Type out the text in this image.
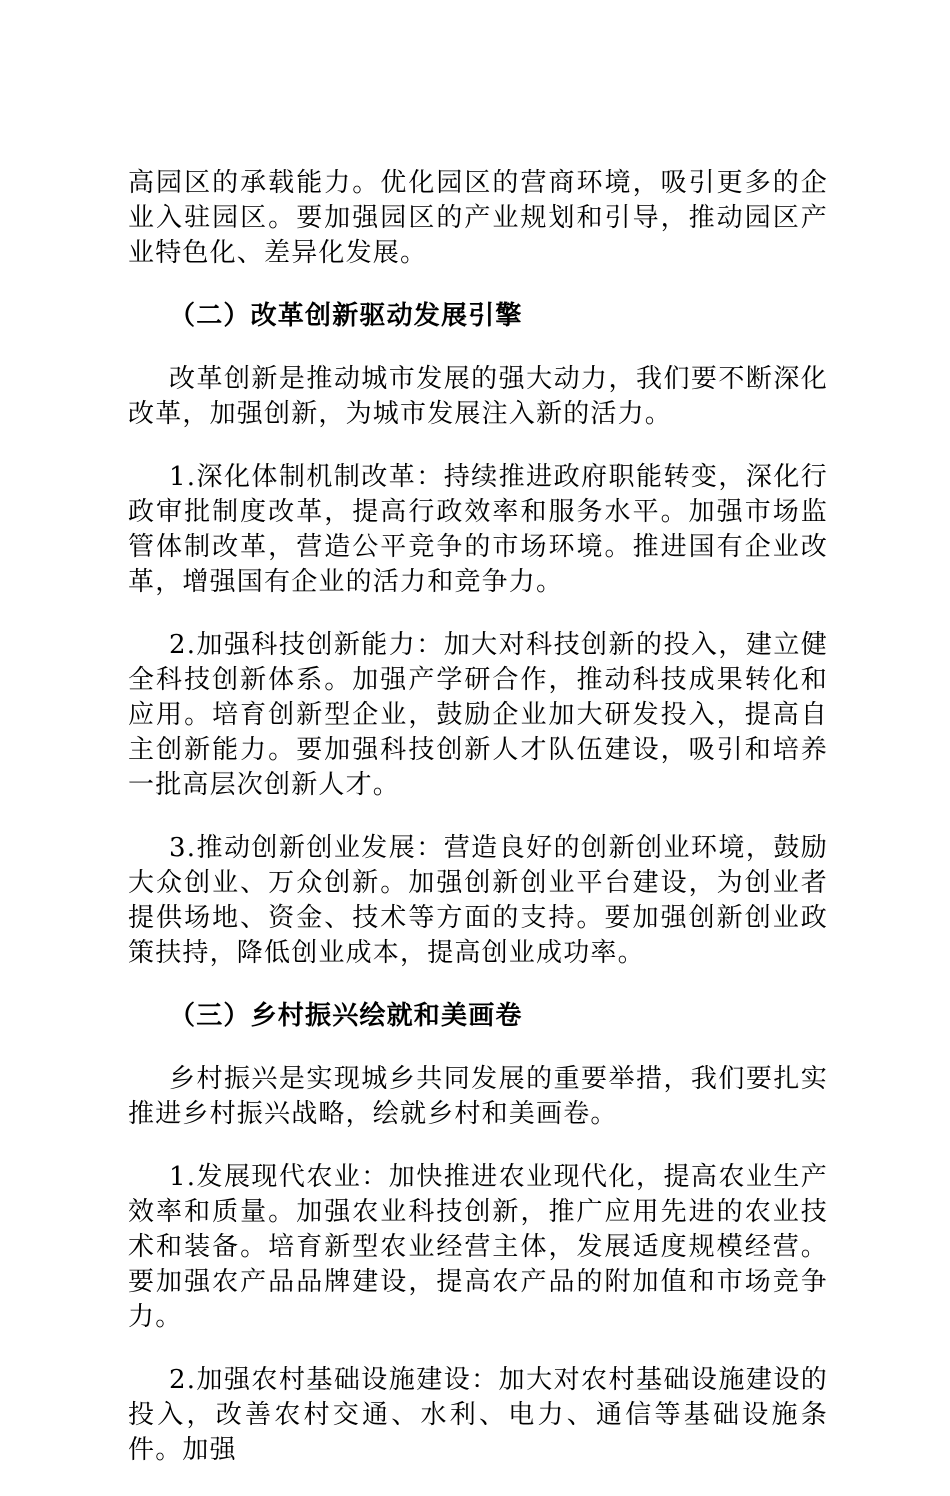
高园区的承载能力。优化园区的营商环境，吸引更多的企业入驻园区。要加强园区的产业规划和引导，推动园区产业特色化、差异化发展。

（二）改革创新驱动发展引擎

改革创新是推动城市发展的强大动力，我们要不断深化改革，加强创新，为城市发展注入新的活力。

1.深化体制机制改革：持续推进政府职能转变，深化行政审批制度改革，提高行政效率和服务水平。加强市场监管体制改革，营造公平竞争的市场环境。推进国有企业改革，增强国有企业的活力和竞争力。

2.加强科技创新能力：加大对科技创新的投入，建立健全科技创新体系。加强产学研合作，推动科技成果转化和应用。培育创新型企业，鼓励企业加大研发投入，提高自主创新能力。要加强科技创新人才队伍建设，吸引和培养一批高层次创新人才。

3.推动创新创业发展：营造良好的创新创业环境，鼓励大众创业、万众创新。加强创新创业平台建设，为创业者提供场地、资金、技术等方面的支持。要加强创新创业政策扶持，降低创业成本，提高创业成功率。

（三）乡村振兴绘就和美画卷

乡村振兴是实现城乡共同发展的重要举措，我们要扎实推进乡村振兴战略，绘就乡村和美画卷。

1.发展现代农业：加快推进农业现代化，提高农业生产效率和质量。加强农业科技创新，推广应用先进的农业技术和装备。培育新型农业经营主体，发展适度规模经营。要加强农产品品牌建设，提高农产品的附加值和市场竞争力。

2.加强农村基础设施建设：加大对农村基础设施建设的投入，改善农村交通、水利、电力、通信等基础设施条件。加强
